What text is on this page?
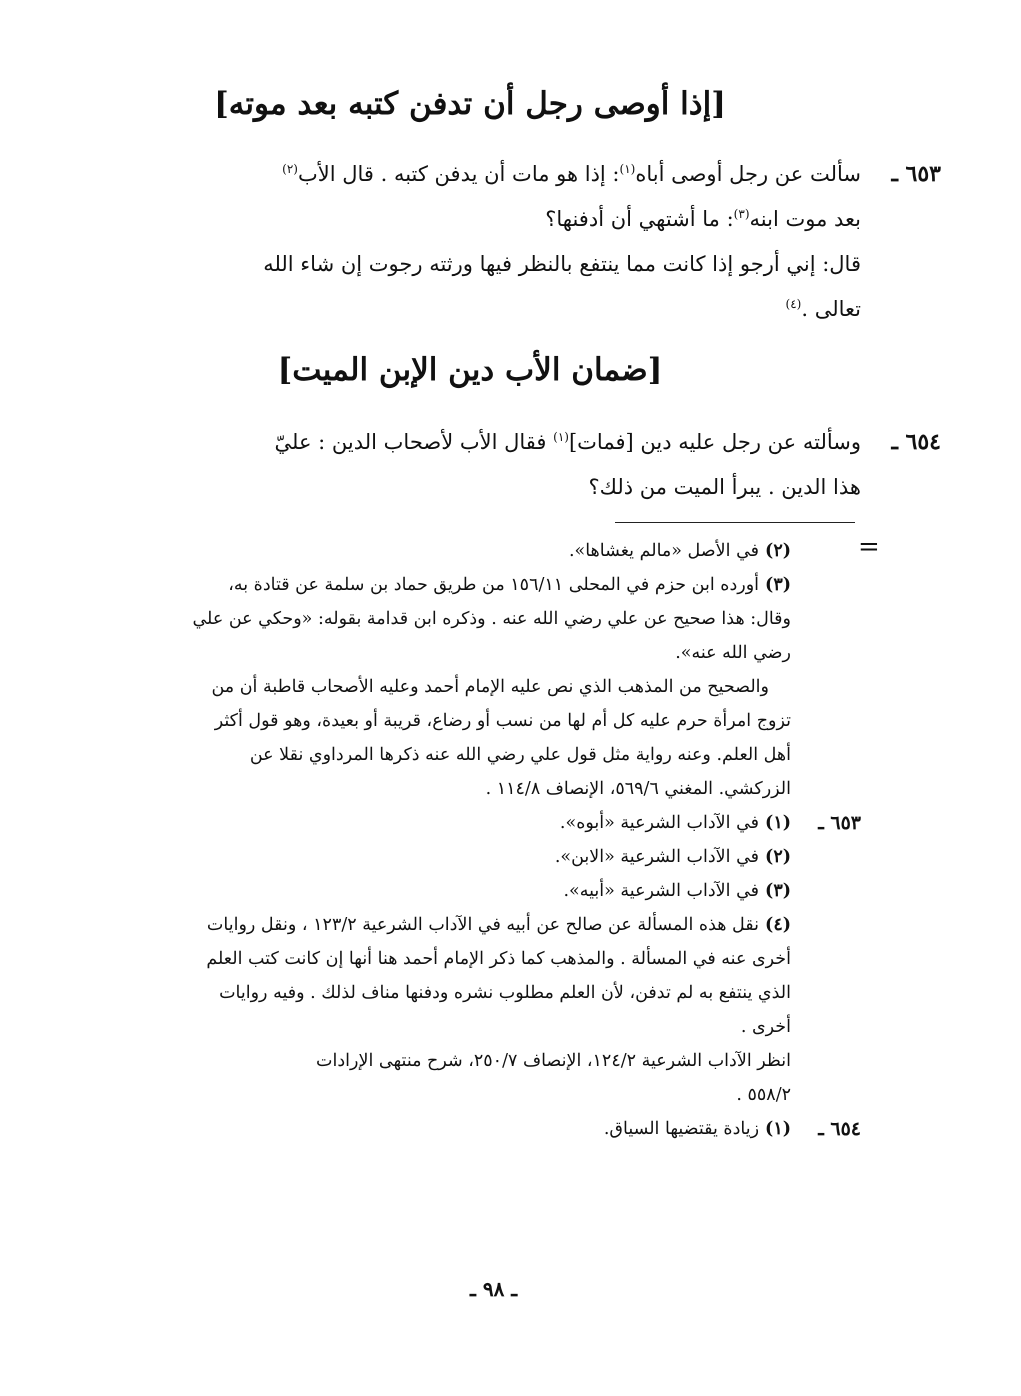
[إذا أوصى رجل أن تدفن كتبه بعد موته]
٦٥٣ ـ
سألت عن رجل أوصى أباه$^{(١)}$: إذا هو مات أن يدفن كتبه . قال الأب$^{(٢)}$
بعد موت ابنه$^{(٣)}$: ما أشتهي أن أدفنها؟
قال: إني أرجو إذا كانت مما ينتفع بالنظر فيها ورثته رجوت إن شاء الله
تعالى .$^{(٤)}$
[ضمان الأب دين الإبن الميت]
٦٥٤ ـ
وسألته عن رجل عليه دين [فمات]$^{(١)}$ فقال الأب لأصحاب الدين : عليّ
هذا الدين . يبرأ الميت من ذلك؟
=
(٢)في الأصل «مالم يغشاها».
(٣)أورده ابن حزم في المحلى ١٥٦/١١ من طريق حماد بن سلمة عن قتادة به،
وقال: هذا صحيح عن علي رضي الله عنه . وذكره ابن قدامة بقوله: «وحكي عن علي
رضي الله عنه».
والصحيح من المذهب الذي نص عليه الإمام أحمد وعليه الأصحاب قاطبة أن من
تزوج امرأة حرم عليه كل أم لها من نسب أو رضاع، قريبة أو بعيدة، وهو قول أكثر
أهل العلم. وعنه رواية مثل قول علي رضي الله عنه ذكرها المرداوي نقلا عن
الزركشي. المغني ٥٦٩/٦، الإنصاف ١١٤/٨ .
٦٥٣ ـ
(١)في الآداب الشرعية «أبوه».
(٢)في الآداب الشرعية «الابن».
(٣)في الآداب الشرعية «أبيه».
(٤)نقل هذه المسألة عن صالح عن أبيه في الآداب الشرعية ١٢٣/٢ ، ونقل روايات
أخرى عنه في المسألة . والمذهب كما ذكر الإمام أحمد هنا أنها إن كانت كتب العلم
الذي ينتفع به لم تدفن، لأن العلم مطلوب نشره ودفنها مناف لذلك . وفيه روايات
أخرى .
انظر الآداب الشرعية ١٢٤/٢، الإنصاف ٢٥٠/٧، شرح منتهى الإرادات
٥٥٨/٢ .
٦٥٤ ـ
(١)زيادة يقتضيها السياق.
ـ ٩٨ ـ
